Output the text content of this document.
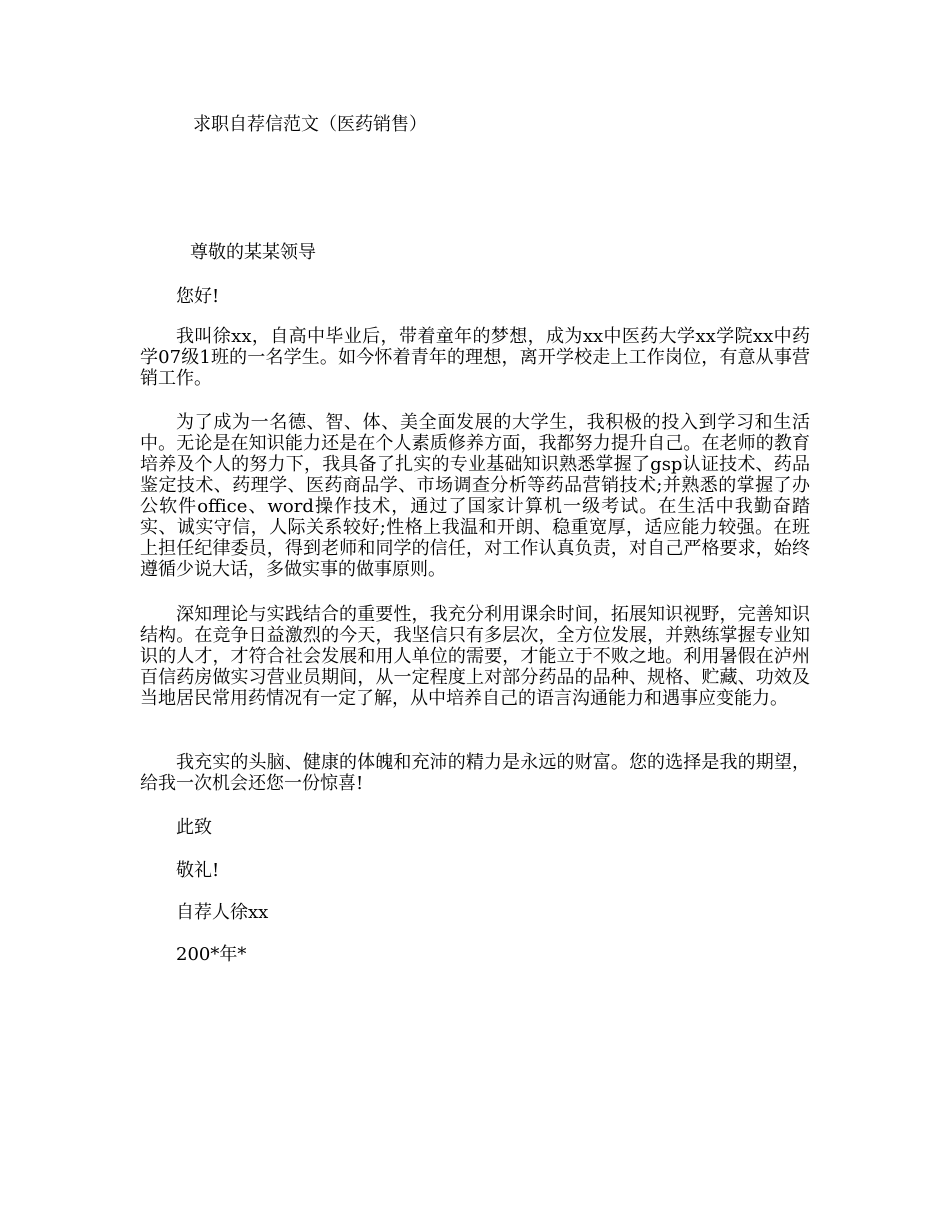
求职自荐信范文（医药销售）
尊敬的某某领导
您好!
我叫徐xx，自高中毕业后，带着童年的梦想，成为xx中医药大学xx学院xx中药学07级1班的一名学生。如今怀着青年的理想，离开学校走上工作岗位，有意从事营销工作。
为了成为一名德、智、体、美全面发展的大学生，我积极的投入到学习和生活中。无论是在知识能力还是在个人素质修养方面，我都努力提升自己。在老师的教育培养及个人的努力下，我具备了扎实的专业基础知识熟悉掌握了gsp认证技术、药品鉴定技术、药理学、医药商品学、市场调查分析等药品营销技术;并熟悉的掌握了办公软件office、word操作技术，通过了国家计算机一级考试。在生活中我勤奋踏实、诚实守信，人际关系较好;性格上我温和开朗、稳重宽厚，适应能力较强。在班上担任纪律委员，得到老师和同学的信任，对工作认真负责，对自己严格要求，始终遵循少说大话，多做实事的做事原则。
深知理论与实践结合的重要性，我充分利用课余时间，拓展知识视野，完善知识结构。在竞争日益激烈的今天，我坚信只有多层次，全方位发展，并熟练掌握专业知识的人才，才符合社会发展和用人单位的需要，才能立于不败之地。利用暑假在泸州百信药房做实习营业员期间，从一定程度上对部分药品的品种、规格、贮藏、功效及当地居民常用药情况有一定了解，从中培养自己的语言沟通能力和遇事应变能力。
我充实的头脑、健康的体魄和充沛的精力是永远的财富。您的选择是我的期望，给我一次机会还您一份惊喜!
此致
敬礼!
自荐人徐xx
200*年*
